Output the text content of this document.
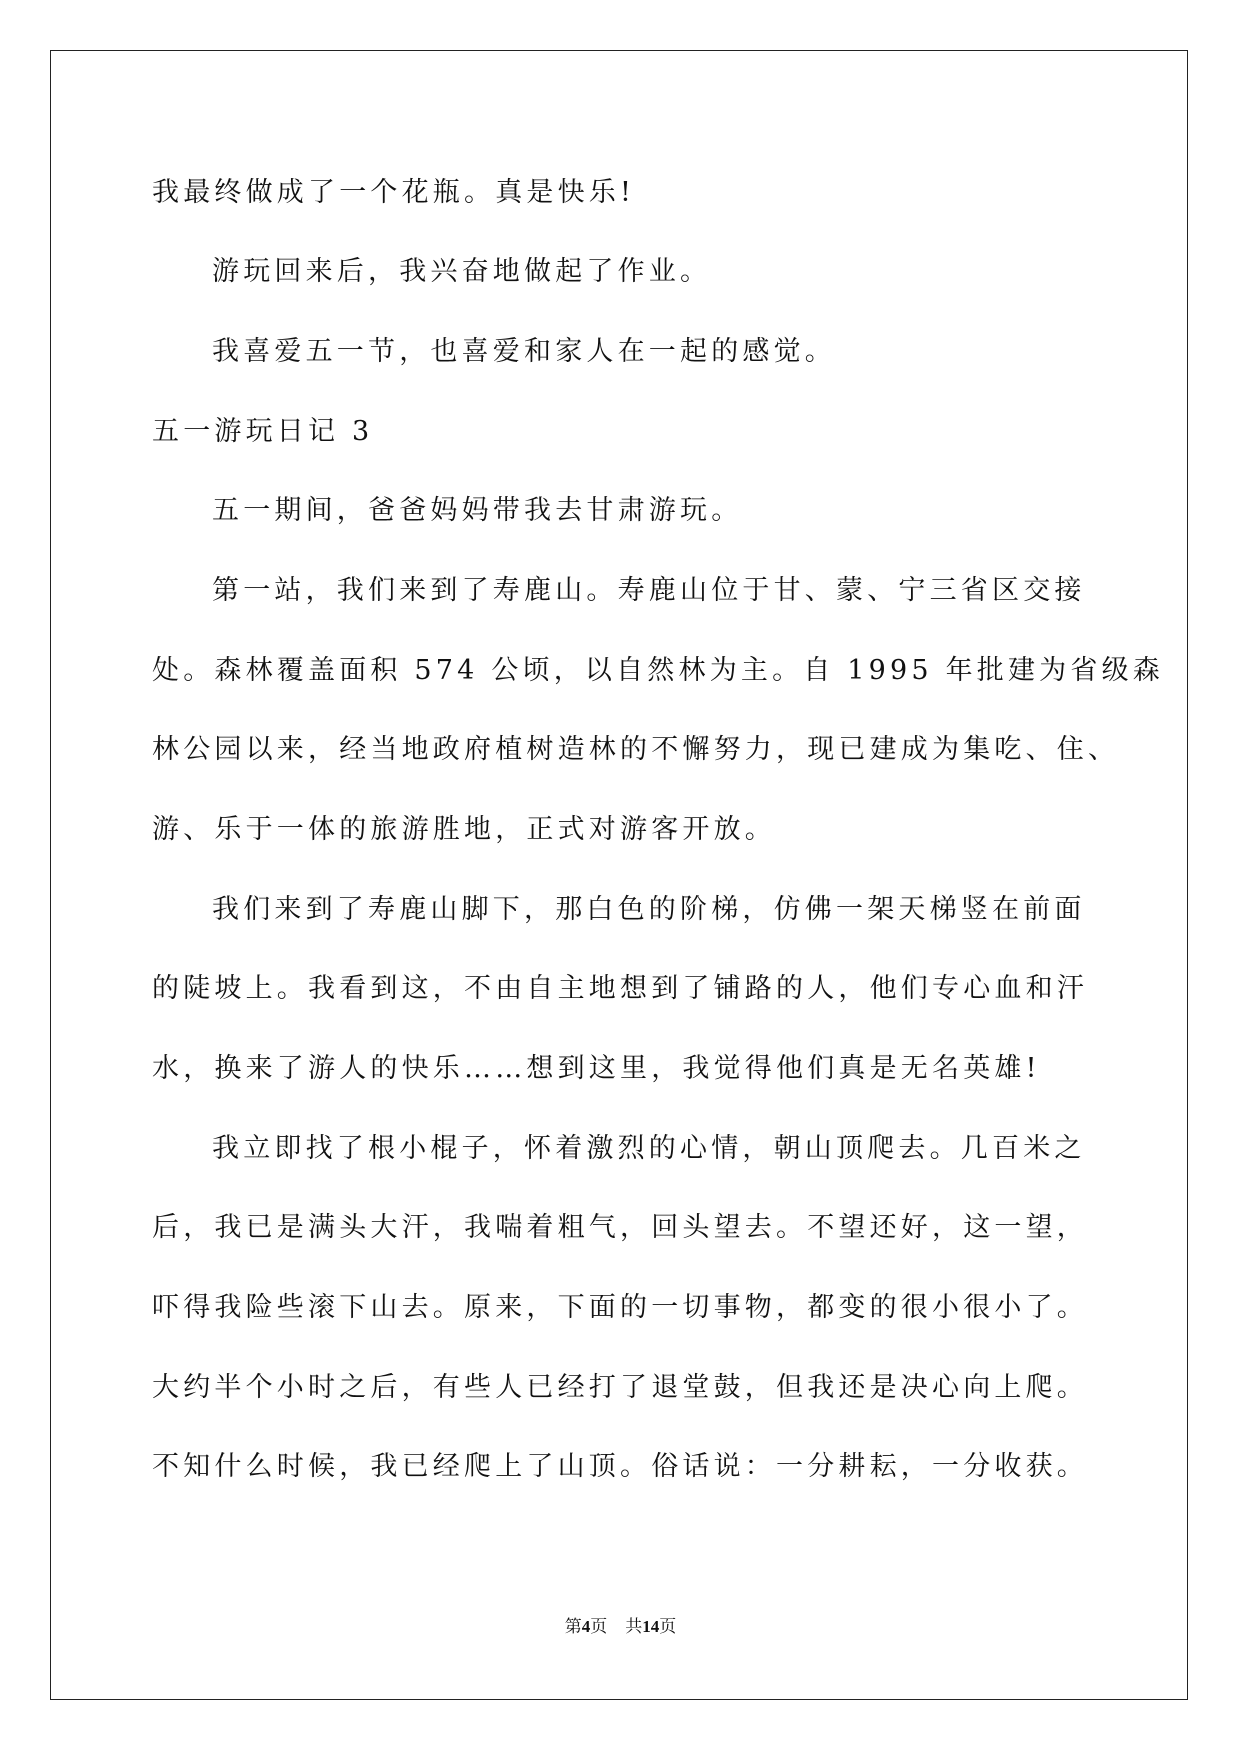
我最终做成了一个花瓶。真是快乐!
游玩回来后，我兴奋地做起了作业。
我喜爱五一节，也喜爱和家人在一起的感觉。
五一游玩日记 3
五一期间，爸爸妈妈带我去甘肃游玩。
第一站，我们来到了寿鹿山。寿鹿山位于甘、蒙、宁三省区交接
处。森林覆盖面积 574 公顷，以自然林为主。自 1995 年批建为省级森
林公园以来，经当地政府植树造林的不懈努力，现已建成为集吃、住、
游、乐于一体的旅游胜地，正式对游客开放。
我们来到了寿鹿山脚下，那白色的阶梯，仿佛一架天梯竖在前面
的陡坡上。我看到这，不由自主地想到了铺路的人，他们专心血和汗
水，换来了游人的快乐……想到这里，我觉得他们真是无名英雄!
我立即找了根小棍子，怀着激烈的心情，朝山顶爬去。几百米之
后，我已是满头大汗，我喘着粗气，回头望去。不望还好，这一望，
吓得我险些滚下山去。原来，下面的一切事物，都变的很小很小了。
大约半个小时之后，有些人已经打了退堂鼓，但我还是决心向上爬。
不知什么时候，我已经爬上了山顶。俗话说：一分耕耘，一分收获。
第4页 共14页
